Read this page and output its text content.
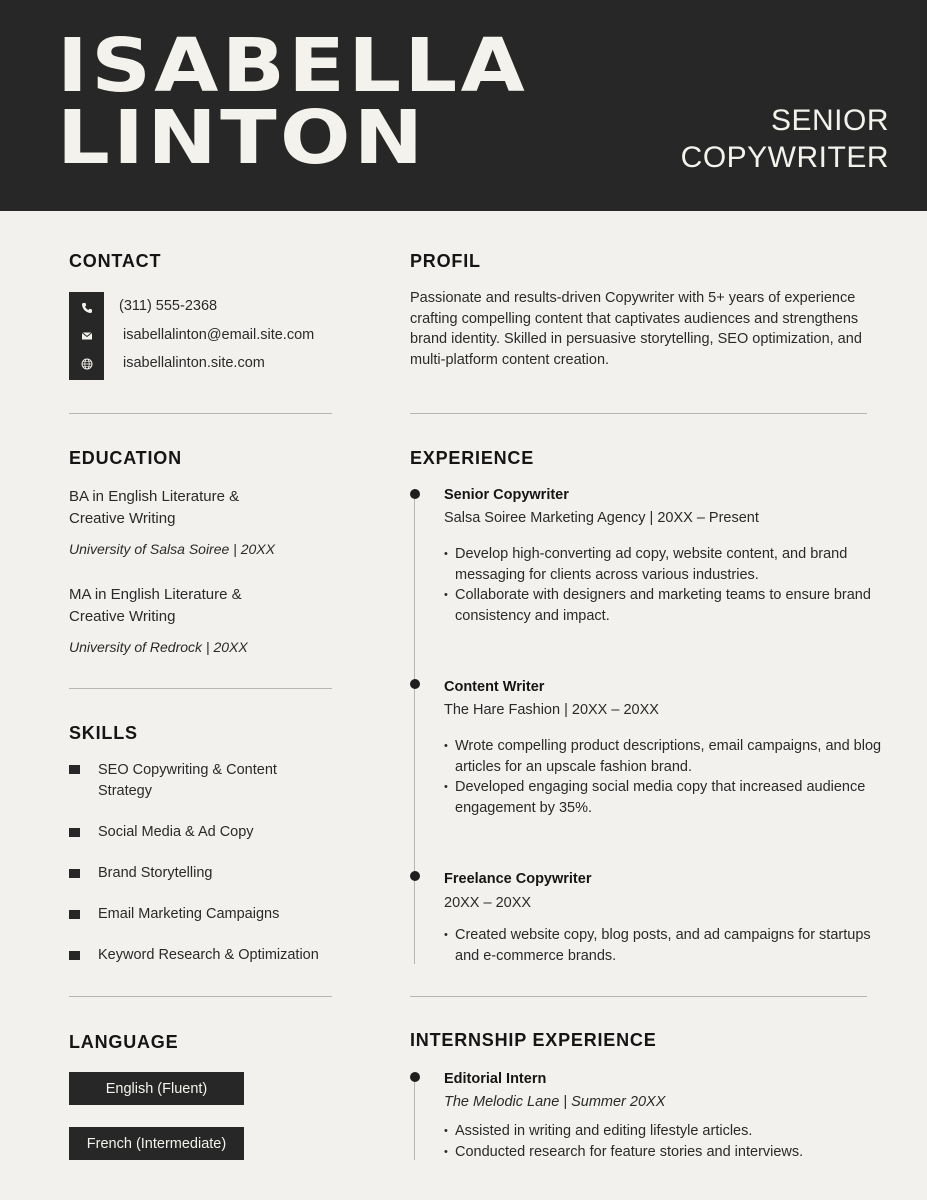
ISABELLA
LINTON	SENIOR
COPYWRITER
CONTACT
(311) 555-2368
isabellalinton@email.site.com
isabellalinton.site.com
EDUCATION
BA in English Literature &
Creative Writing
University of Salsa Soiree | 20XX
MA in English Literature &
Creative Writing
University of Redrock | 20XX
SKILLS
SEO Copywriting & Content
Strategy
Social Media & Ad Copy
Brand Storytelling
Email Marketing Campaigns
Keyword Research & Optimization
LANGUAGE
English (Fluent)
French (Intermediate)
PROFIL
Passionate and results-driven Copywriter with 5+ years of experience crafting compelling content that captivates audiences and strengthens brand identity. Skilled in persuasive storytelling, SEO optimization, and multi-platform content creation.
EXPERIENCE
Senior Copywriter
Salsa Soiree Marketing Agency | 20XX – Present
• Develop high-converting ad copy, website content, and brand messaging for clients across various industries.
• Collaborate with designers and marketing teams to ensure brand consistency and impact.
Content Writer
The Hare Fashion | 20XX – 20XX
• Wrote compelling product descriptions, email campaigns, and blog articles for an upscale fashion brand.
• Developed engaging social media copy that increased audience engagement by 35%.
Freelance Copywriter
20XX – 20XX
• Created website copy, blog posts, and ad campaigns for startups and e-commerce brands.
INTERNSHIP EXPERIENCE
Editorial Intern
The Melodic Lane | Summer 20XX
• Assisted in writing and editing lifestyle articles.
• Conducted research for feature stories and interviews.
